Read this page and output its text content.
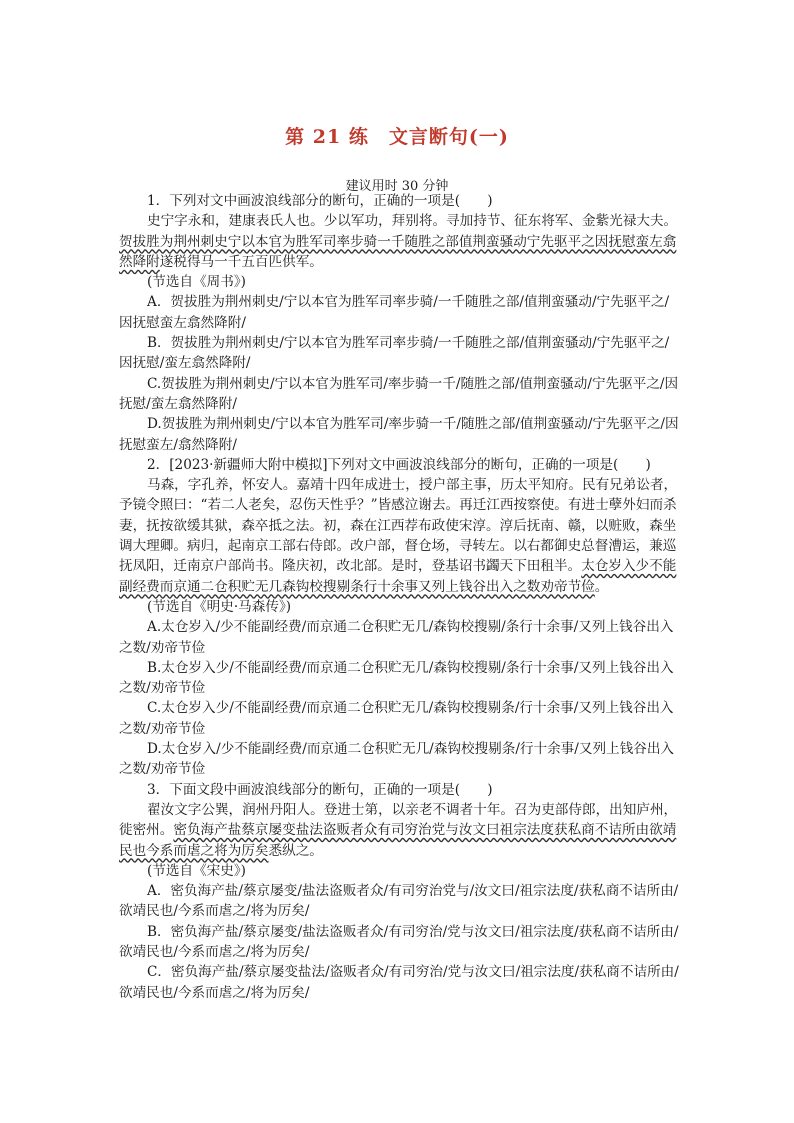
第 21 练　文言断句(一)
建议用时 30 分钟

1．下列对文中画波浪线部分的断句，正确的一项是(　　)

史宁字永和，建康表氏人也。少以军功，拜别将。寻加持节、征东将军、金紫光禄大夫。贺拔胜为荆州刺史宁以本官为胜军司率步骑一千随胜之部值荆蛮骚动宁先驱平之因抚慰蛮左翕然降附遂税得马一千五百匹供军。

(节选自《周书》)

A．贺拔胜为荆州刺史/宁以本官为胜军司率步骑/一千随胜之部/值荆蛮骚动/宁先驱平之/因抚慰蛮左翕然降附/

B．贺拔胜为荆州刺史/宁以本官为胜军司率步骑/一千随胜之部/值荆蛮骚动/宁先驱平之/因抚慰/蛮左翕然降附/

C.贺拔胜为荆州刺史/宁以本官为胜军司/率步骑一千/随胜之部/值荆蛮骚动/宁先驱平之/因抚慰/蛮左翕然降附/

D.贺拔胜为荆州刺史/宁以本官为胜军司/率步骑一千/随胜之部/值荆蛮骚动/宁先驱平之/因抚慰蛮左/翕然降附/

2．[2023·新疆师大附中模拟]下列对文中画波浪线部分的断句，正确的一项是(　　)

马森，字孔养，怀安人。嘉靖十四年成进士，授户部主事，历太平知府。民有兄弟讼者，予镜令照曰：“若二人老矣，忍伤天性乎？”皆感泣谢去。再迁江西按察使。有进士孽外妇而杀妻，抚按欲缓其狱，森卒抵之法。初，森在江西荐布政使宋淳。淳后抚南、赣，以赃败，森坐调大理卿。病归，起南京工部右侍郎。改户部，督仓场，寻转左。以右都御史总督漕运，兼巡抚凤阳，迁南京户部尚书。隆庆初，改北部。是时，登基诏书蠲天下田租半。太仓岁入少不能副经费而京通二仓积贮无几森钩校搜剔条行十余事又列上钱谷出入之数劝帝节俭。

(节选自《明史·马森传》)

A.太仓岁入/少不能副经费/而京通二仓积贮无几/森钩校搜剔/条行十余事/又列上钱谷出入之数/劝帝节俭

B.太仓岁入少/不能副经费/而京通二仓积贮无几/森钩校搜剔/条行十余事/又列上钱谷出入之数/劝帝节俭

C.太仓岁入少/不能副经费/而京通二仓积贮无几/森钩校搜剔条/行十余事/又列上钱谷出入之数/劝帝节俭

D.太仓岁入/少不能副经费/而京通二仓积贮无几/森钩校搜剔条/行十余事/又列上钱谷出入之数/劝帝节俭

3．下面文段中画波浪线部分的断句，正确的一项是(　　)

翟汝文字公巽，润州丹阳人。登进士第，以亲老不调者十年。召为吏部侍郎，出知庐州，徙密州。密负海产盐蔡京屡变盐法盗贩者众有司穷治党与汝文曰祖宗法度获私商不诘所由欲靖民也今系而虐之将为厉矣悉纵之。

(节选自《宋史》)

A．密负海产盐/蔡京屡变/盐法盗贩者众/有司穷治党与/汝文曰/祖宗法度/获私商不诘所由/欲靖民也/今系而虐之/将为厉矣/

B．密负海产盐/蔡京屡变/盐法盗贩者众/有司穷治/党与汝文曰/祖宗法度/获私商不诘所由/欲靖民也/今系而虐之/将为厉矣/

C．密负海产盐/蔡京屡变盐法/盗贩者众/有司穷治/党与汝文曰/祖宗法度/获私商不诘所由/欲靖民也/今系而虐之/将为厉矣/
